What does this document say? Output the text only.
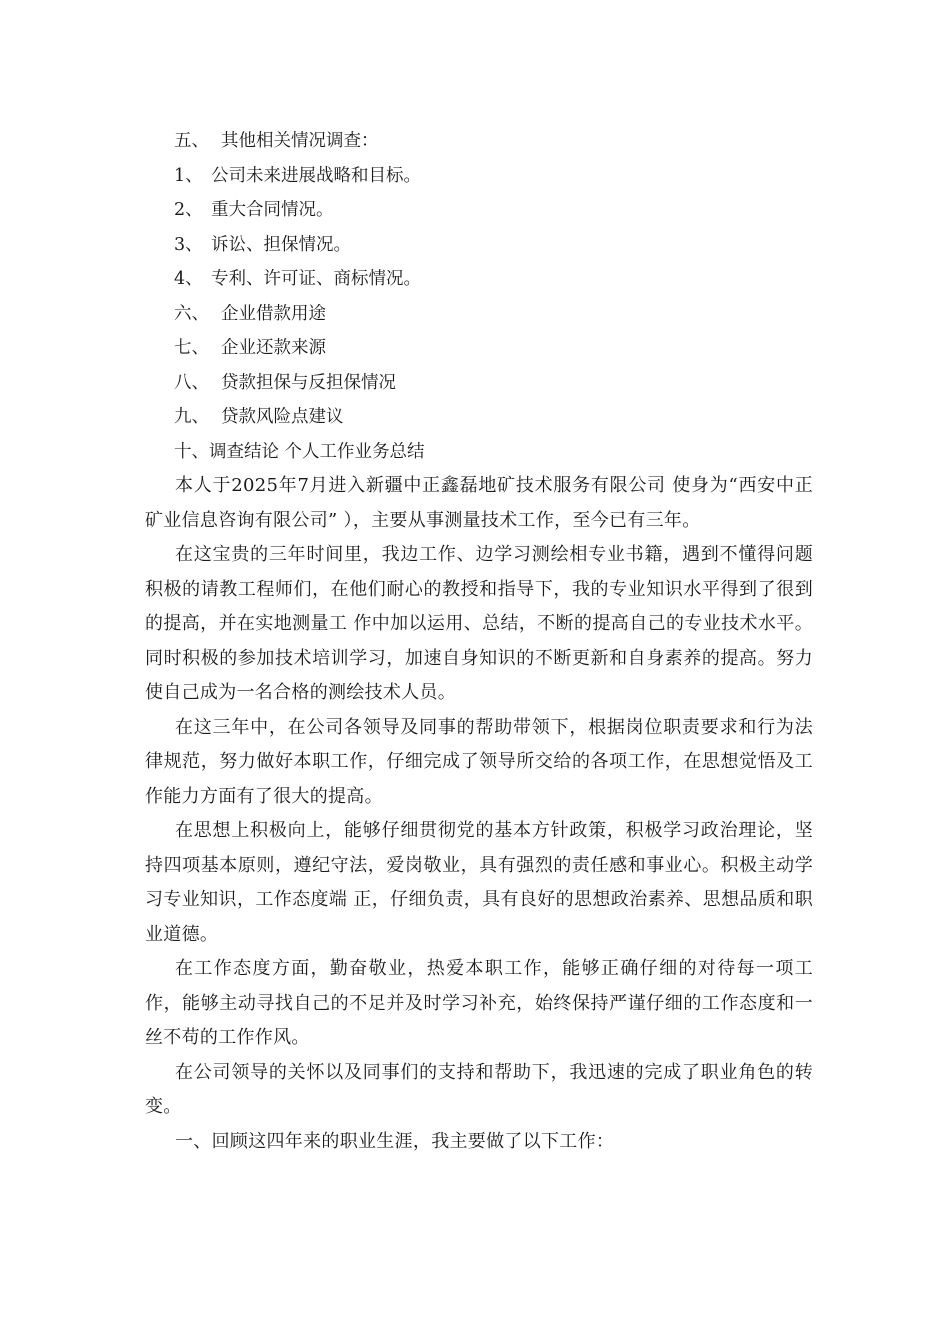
五、 其他相关情况调查：

1、 公司未来进展战略和目标。

2、 重大合同情况。

3、 诉讼、担保情况。

4、 专利、许可证、商标情况。

六、 企业借款用途

七、 企业还款来源

八、 贷款担保与反担保情况

九、 贷款风险点建议

十、调查结论 个人工作业务总结

本人于2025年7月进入新疆中正鑫磊地矿技术服务有限公司 使身为“西安中正矿业信息咨询有限公司” ），主要从事测量技术工作，至今已有三年。

在这宝贵的三年时间里，我边工作、边学习测绘相专业书籍，遇到不懂得问题积极的请教工程师们，在他们耐心的教授和指导下，我的专业知识水平得到了很到的提高，并在实地测量工 作中加以运用、总结，不断的提高自己的专业技术水平。同时积极的参加技术培训学习，加速自身知识的不断更新和自身素养的提高。努力使自己成为一名合格的测绘技术人员。

在这三年中，在公司各领导及同事的帮助带领下，根据岗位职责要求和行为法律规范，努力做好本职工作，仔细完成了领导所交给的各项工作，在思想觉悟及工作能力方面有了很大的提高。

在思想上积极向上，能够仔细贯彻党的基本方针政策，积极学习政治理论，坚持四项基本原则，遵纪守法，爱岗敬业，具有强烈的责任感和事业心。积极主动学习专业知识，工作态度端 正，仔细负责，具有良好的思想政治素养、思想品质和职业道德。

在工作态度方面，勤奋敬业，热爱本职工作，能够正确仔细的对待每一项工作，能够主动寻找自己的不足并及时学习补充，始终保持严谨仔细的工作态度和一丝不苟的工作作风。

在公司领导的关怀以及同事们的支持和帮助下，我迅速的完成了职业角色的转变。

一、回顾这四年来的职业生涯，我主要做了以下工作：
